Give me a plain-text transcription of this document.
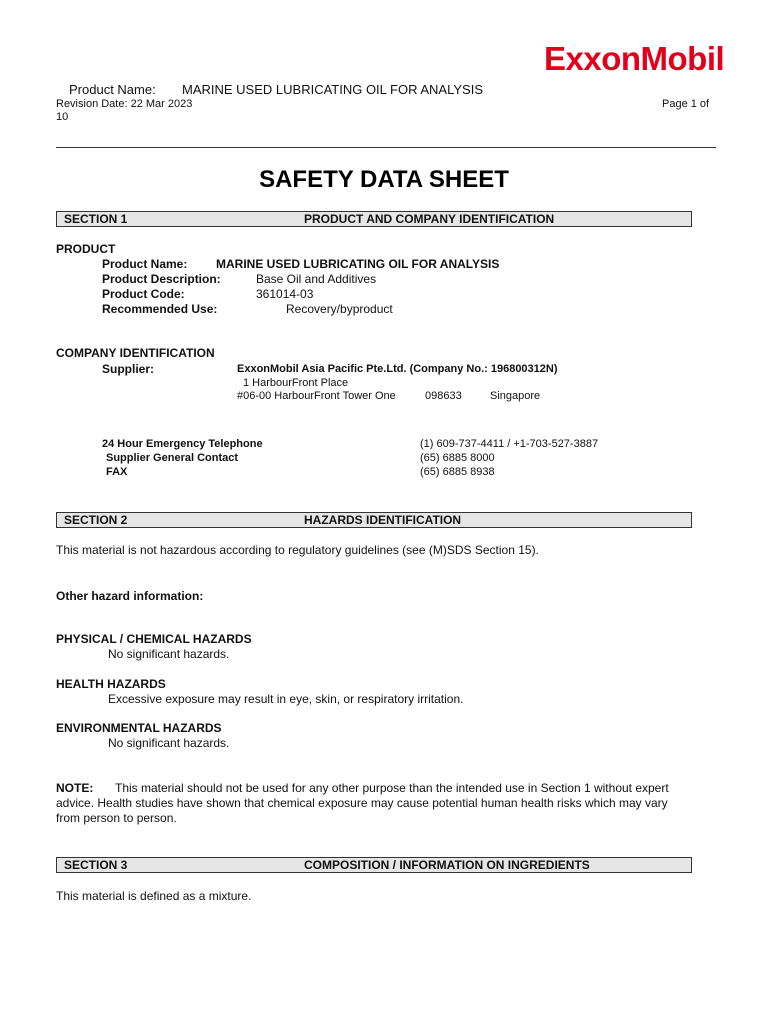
ExxonMobil
Product Name: MARINE USED LUBRICATING OIL FOR ANALYSIS
Revision Date: 22 Mar 2023	Page 1 of
10
SAFETY DATA SHEET
SECTION 1	PRODUCT AND COMPANY IDENTIFICATION
PRODUCT
Product Name: MARINE USED LUBRICATING OIL FOR ANALYSIS
Product Description:	Base Oil and Additives
Product Code:	361014-03
Recommended Use:	Recovery/byproduct
COMPANY IDENTIFICATION
Supplier:	ExxonMobil Asia Pacific Pte.Ltd. (Company No.: 196800312N)
1 HarbourFront Place
#06-00 HarbourFront Tower One	098633	Singapore
24 Hour Emergency Telephone	(1) 609-737-4411 / +1-703-527-3887
Supplier General Contact	(65) 6885 8000
FAX	(65) 6885 8938
SECTION 2	HAZARDS IDENTIFICATION
This material is not hazardous according to regulatory guidelines (see (M)SDS Section 15).
Other hazard information:
PHYSICAL / CHEMICAL HAZARDS
No significant hazards.
HEALTH HAZARDS
Excessive exposure may result in eye, skin, or respiratory irritation.
ENVIRONMENTAL HAZARDS
No significant hazards.
NOTE: This material should not be used for any other purpose than the intended use in Section 1 without expert
advice. Health studies have shown that chemical exposure may cause potential human health risks which may vary
from person to person.
SECTION 3	COMPOSITION / INFORMATION ON INGREDIENTS
This material is defined as a mixture.
